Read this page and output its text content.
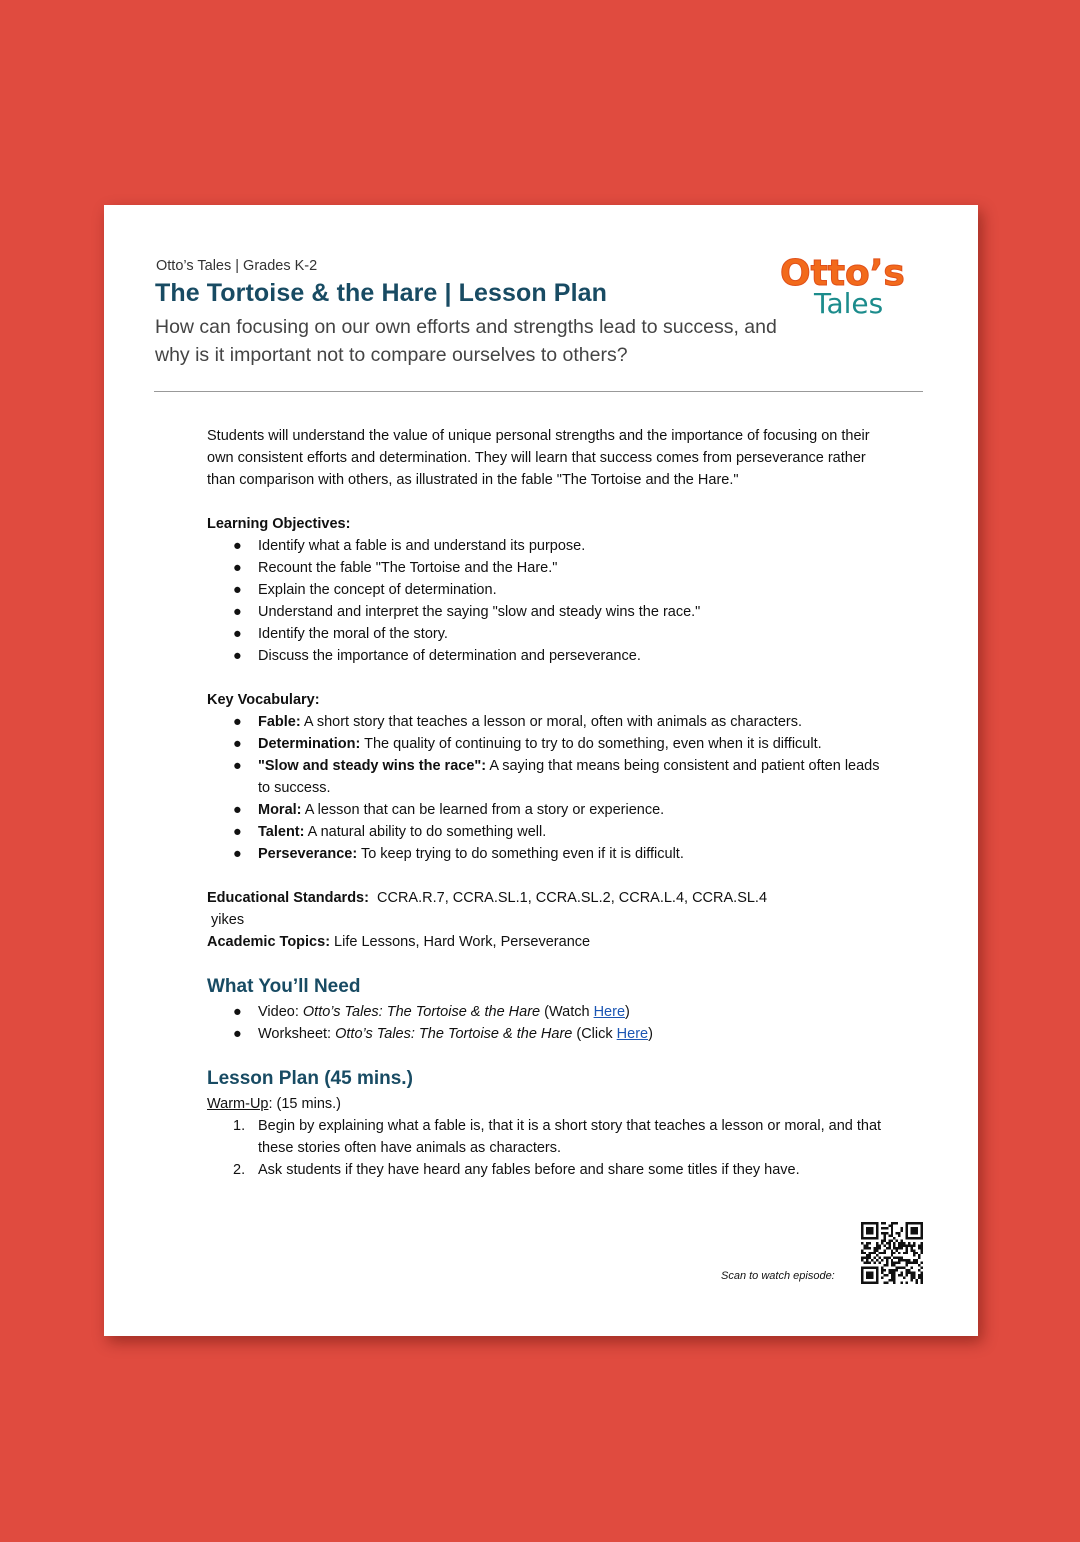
Otto’s Tales | Grades K-2
The Tortoise & the Hare | Lesson Plan
How can focusing on our own efforts and strengths lead to success, and why is it important not to compare ourselves to others?
Otto’s
Tales

Students will understand the value of unique personal strengths and the importance of focusing on their own consistent efforts and determination. They will learn that success comes from perseverance rather than comparison with others, as illustrated in the fable "The Tortoise and the Hare."

Learning Objectives:
● Identify what a fable is and understand its purpose.
● Recount the fable "The Tortoise and the Hare."
● Explain the concept of determination.
● Understand and interpret the saying "slow and steady wins the race."
● Identify the moral of the story.
● Discuss the importance of determination and perseverance.
Key Vocabulary:
● Fable: A short story that teaches a lesson or moral, often with animals as characters.
● Determination: The quality of continuing to try to do something, even when it is difficult.
● "Slow and steady wins the race": A saying that means being consistent and patient often leads to success.
● Moral: A lesson that can be learned from a story or experience.
● Talent: A natural ability to do something well.
● Perseverance: To keep trying to do something even if it is difficult.
Educational Standards:  CCRA.R.7, CCRA.SL.1, CCRA.SL.2, CCRA.L.4, CCRA.SL.4
yikes
Academic Topics: Life Lessons, Hard Work, Perseverance
What You’ll Need
● Video: Otto’s Tales: The Tortoise & the Hare (Watch Here)
● Worksheet: Otto’s Tales: The Tortoise & the Hare (Click Here)
Lesson Plan (45 mins.)
Warm-Up: (15 mins.)
1. Begin by explaining what a fable is, that it is a short story that teaches a lesson or moral, and that these stories often have animals as characters.
2. Ask students if they have heard any fables before and share some titles if they have.
Scan to watch episode:
